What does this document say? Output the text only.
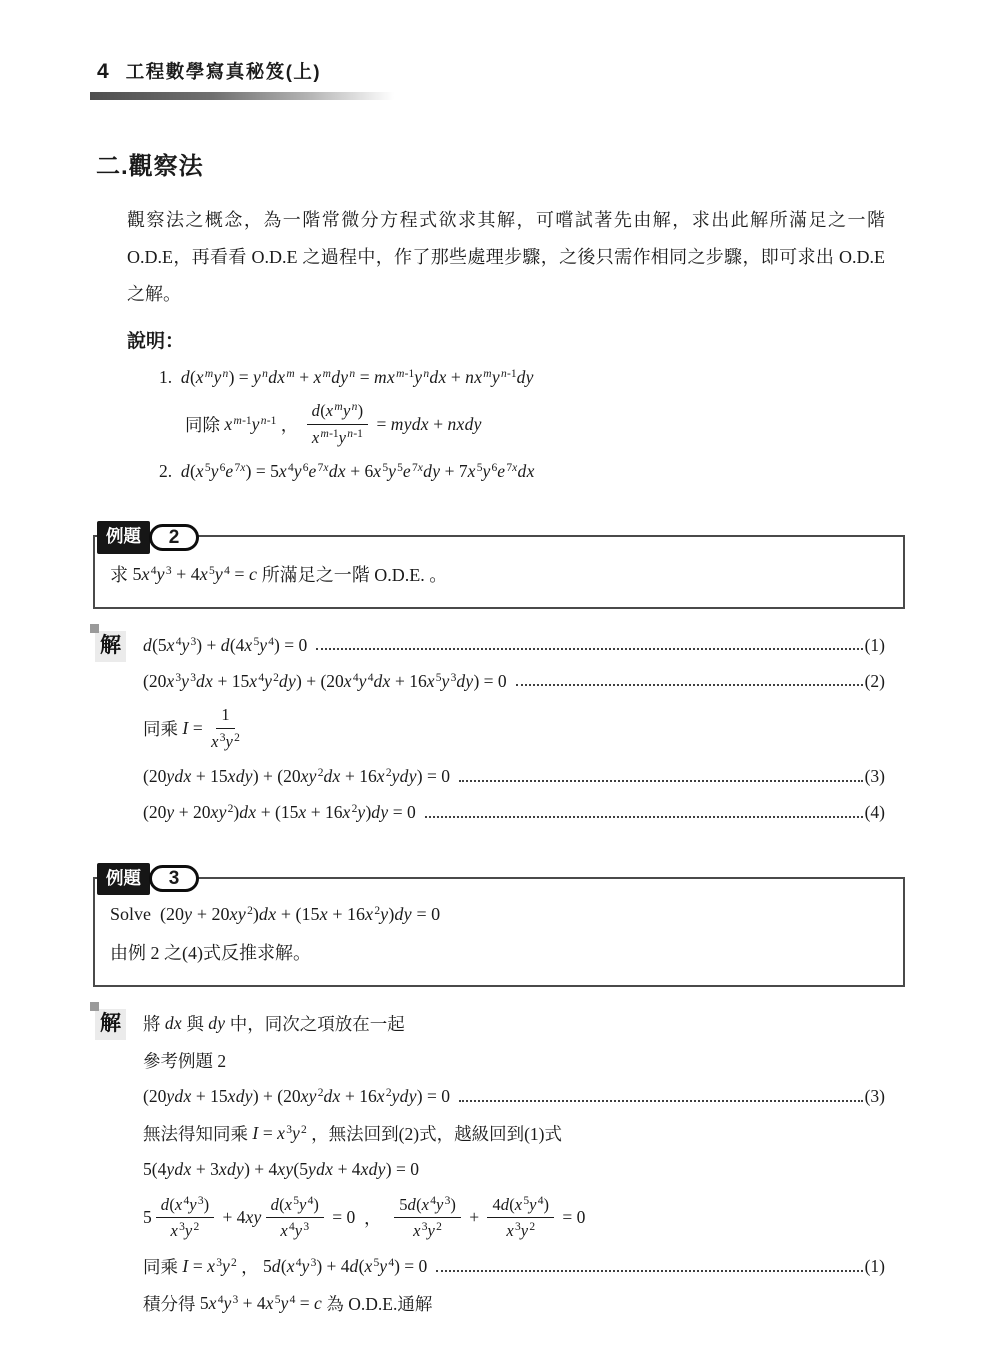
4 工程數學寫真秘笈(上)
二.觀察法

觀察法之概念，為一階常微分方程式欲求其解，可嚐試著先由解，求出此解所滿足之一階 O.D.E，再看看 O.D.E 之過程中，作了那些處理步驟，之後只需作相同之步驟，即可求出 O.D.E 之解。

說明：
1. $d(x^my^n) = y^ndx^m + x^mdy^n = mx^{m-1}y^ndx + nx^my^{n-1}dy$
同除 $x^{m-1}y^{n-1}$ ， $\frac{d(x^my^n)}{x^{m-1}y^{n-1}}$ = mydx + nxdy
2. $d(x^5y^6e^{7x}) = 5x^4y^6e^{7x}dx + 6x^5y^5e^{7x}dy + 7x^5y^6e^{7x}dx$
例題	2
求 $5x^4y^3 + 4x^5y^4 = c$ 所滿足之一階 O.D.E. 。
解 $d(5x^4y^3) + d(4x^5y^4) = 0$	(1)
$(20x^3y^3dx + 15x^4y^2dy) + (20x^4y^4dx + 16x^5y^3dy) = 0$	(2)
同乘 $I = \frac{1}{x^3y^2}$
$(20ydx + 15xdy) + (20xy^2dx + 16x^2ydy) = 0$	(3)
$(20y + 20xy^2)dx + (15x + 16x^2y)dy = 0$	(4)
例題	3
Solve $(20y + 20xy^2)dx + (15x + 16x^2y)dy = 0$
由例 2 之(4)式反推求解。
解 將 dx 與 dy 中，同次之項放在一起
參考例題 2
$(20ydx + 15xdy) + (20xy^2dx + 16x^2ydy) = 0$	(3)
無法得知同乘 $I = x^3y^2$ ，無法回到(2)式，越級回到(1)式
5(4ydx + 3xdy) + 4xy(5ydx + 4xdy) = 0
$5 \frac{d(x^4y^3)}{x^3y^2} + 4xy \frac{d(x^5y^4)}{x^4y^3} = 0$ ， $\frac{5d(x^4y^3)}{x^3y^2} + \frac{4d(x^5y^4)}{x^3y^2} = 0$
同乘 $I = x^3y^2$ ， $5d(x^4y^3) + 4d(x^5y^4) = 0$	(1)
積分得 $5x^4y^3 + 4x^5y^4 = c$ 為 O.D.E.通解
